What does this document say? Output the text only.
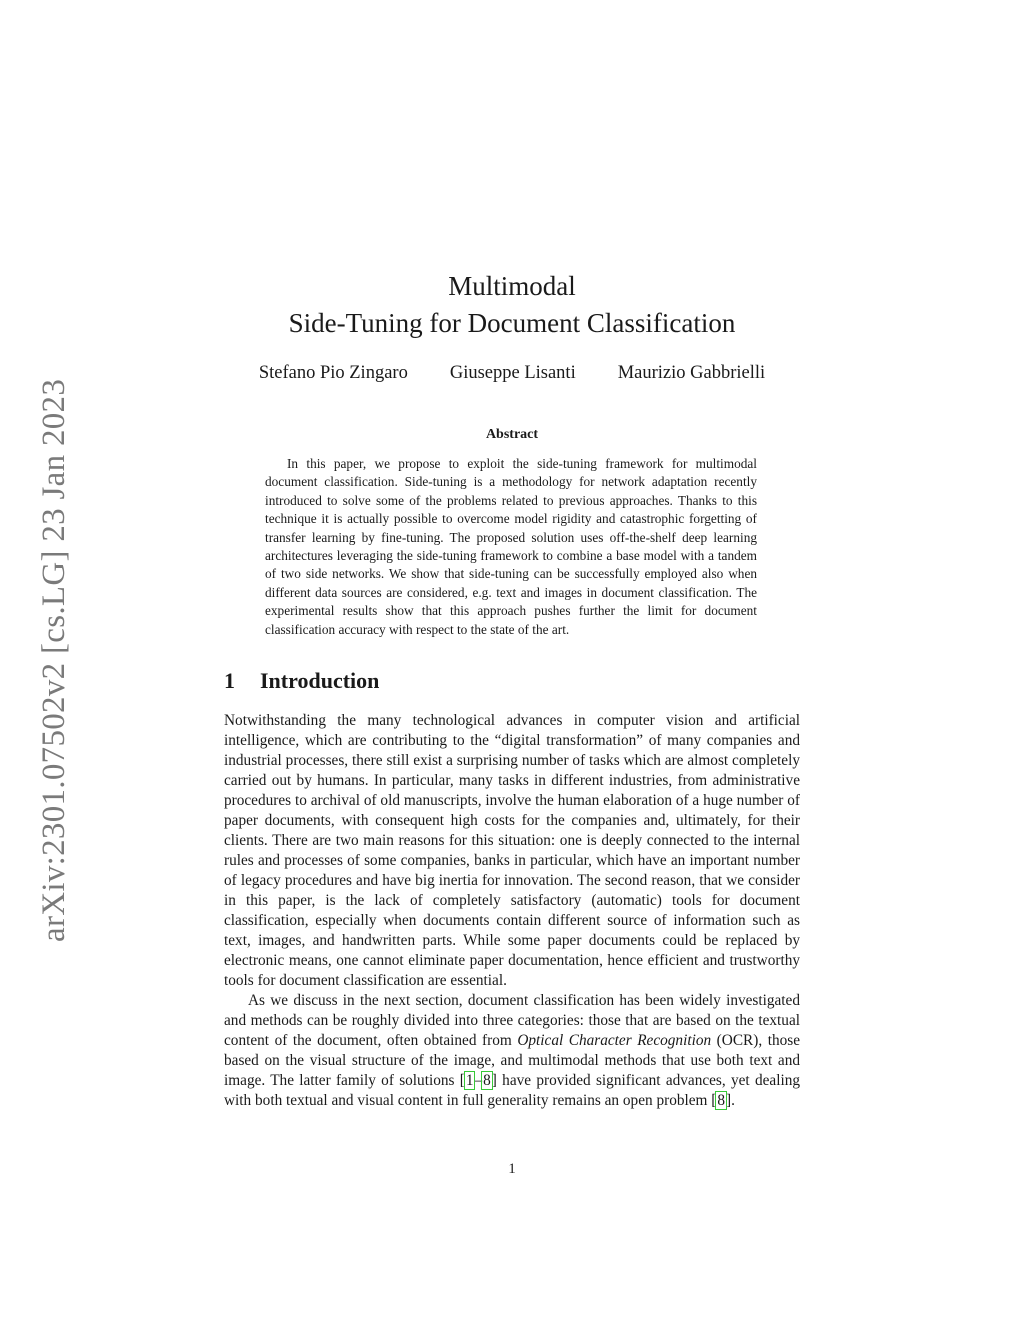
arXiv:2301.07502v2 [cs.LG] 23 Jan 2023
Multimodal
Side-Tuning for Document Classification
Stefano Pio Zingaro Giuseppe Lisanti Maurizio Gabbrielli
Abstract

In this paper, we propose to exploit the side-tuning framework for multimodal document classification. Side-tuning is a methodology for network adaptation recently introduced to solve some of the problems related to previous approaches. Thanks to this technique it is actually possible to overcome model rigidity and catastrophic forgetting of transfer learning by fine-tuning. The proposed solution uses off-the-shelf deep learning architectures leveraging the side-tuning framework to combine a base model with a tandem of two side networks. We show that side-tuning can be successfully employed also when different data sources are considered, e.g. text and images in document classification. The experimental results show that this approach pushes further the limit for document classification accuracy with respect to the state of the art.

1 Introduction

Notwithstanding the many technological advances in computer vision and artificial intelligence, which are contributing to the “digital transformation” of many companies and industrial processes, there still exist a surprising number of tasks which are almost completely carried out by humans. In particular, many tasks in different industries, from administrative procedures to archival of old manuscripts, involve the human elaboration of a huge number of paper documents, with consequent high costs for the companies and, ultimately, for their clients. There are two main reasons for this situation: one is deeply connected to the internal rules and processes of some companies, banks in particular, which have an important number of legacy procedures and have big inertia for innovation. The second reason, that we consider in this paper, is the lack of completely satisfactory (automatic) tools for document classification, especially when documents contain different source of information such as text, images, and handwritten parts. While some paper documents could be replaced by electronic means, one cannot eliminate paper documentation, hence efficient and trustworthy tools for document classification are essential.

As we discuss in the next section, document classification has been widely investigated and methods can be roughly divided into three categories: those that are based on the textual content of the document, often obtained from Optical Character Recognition (OCR), those based on the visual structure of the image, and multimodal methods that use both text and image. The latter family of solutions [1–8] have provided significant advances, yet dealing with both textual and visual content in full generality remains an open problem [8].

1
